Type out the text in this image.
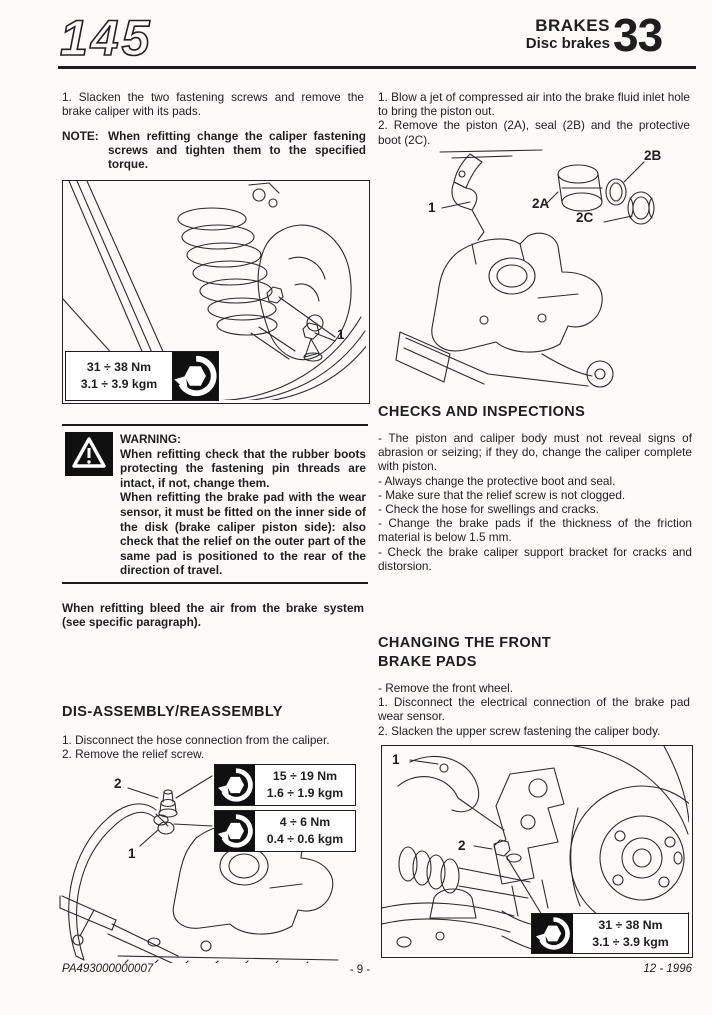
145	BRAKES
Disc brakes 33
1. Slacken the two fastening screws and remove the brake caliper with its pads.
NOTE: When refitting change the caliper fastening screws and tighten them to the specified torque.
1
31 ÷ 38 Nm
3.1 ÷ 3.9 kgm
WARNING:
When refitting check that the rubber boots protecting the fastening pin threads are intact, if not, change them.
When refitting the brake pad with the wear sensor, it must be fitted on the inner side of the disk (brake caliper piston side): also check that the relief on the outer part of the same pad is positioned to the rear of the direction of travel.
When refitting bleed the air from the brake system (see specific paragraph).
DIS-ASSEMBLY/REASSEMBLY
1. Disconnect the hose connection from the caliper.
2. Remove the relief screw.
2
1
15 ÷ 19 Nm
1.6 ÷ 1.9 kgm
4 ÷ 6 Nm
0.4 ÷ 0.6 kgm
1. Blow a jet of compressed air into the brake fluid inlet hole to bring the piston out.
2. Remove the piston (2A), seal (2B) and the protective boot (2C).
1	2A
2B
2C
CHECKS AND INSPECTIONS
- The piston and caliper body must not reveal signs of abrasion or seizing; if they do, change the caliper complete with piston.
- Always change the protective boot and seal.
- Make sure that the relief screw is not clogged.
- Check the hose for swellings and cracks.
- Change the brake pads if the thickness of the friction material is below 1.5 mm.
- Check the brake caliper support bracket for cracks and distorsion.
CHANGING THE FRONT BRAKE PADS
- Remove the front wheel.
1. Disconnect the electrical connection of the brake pad wear sensor.
2. Slacken the upper screw fastening the caliper body.
1
2
31 ÷ 38 Nm
3.1 ÷ 3.9 kgm
PA493000000007	- 9 -	12 - 1996
